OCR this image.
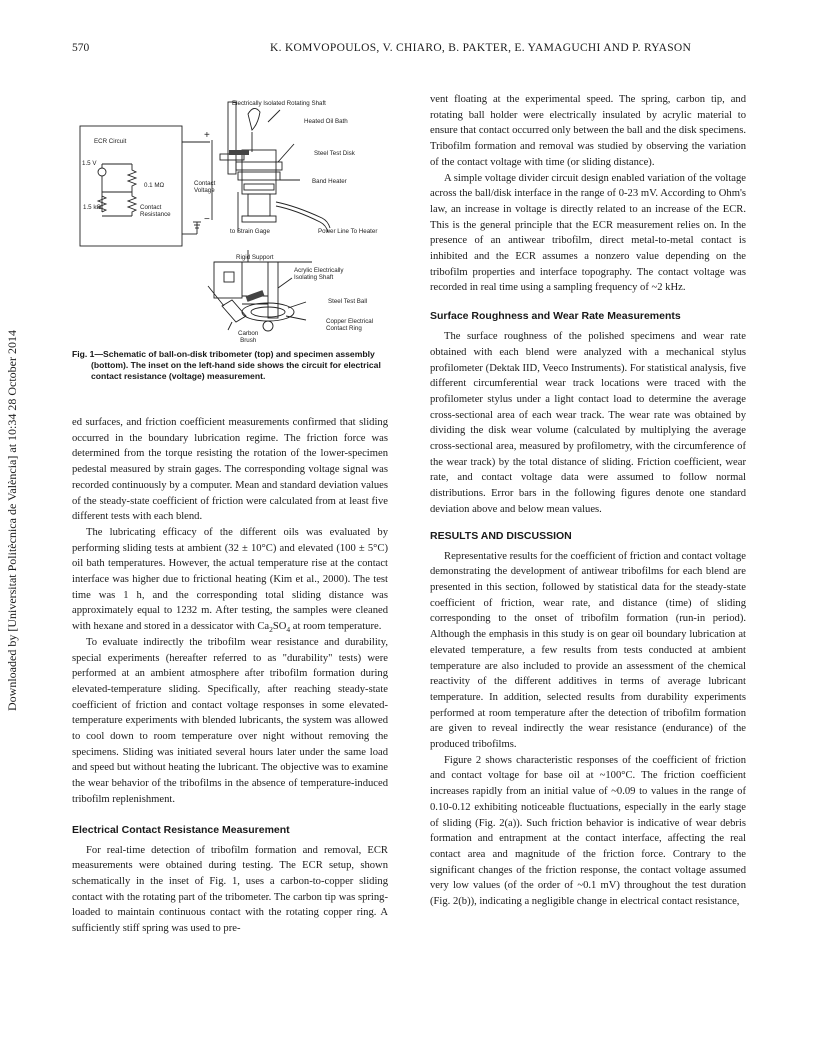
570	K. KOMVOPOULOS, V. CHIARO, B. PAKTER, E. YAMAGUCHI AND P. RYASON
Downloaded by [Universitat Politècnica de València] at 10:34 28 October 2014
Electrically Isolated Rotating Shaft
Heated Oil Bath
ECR Circuit
+
Steel Test Disk
1.5 V
Contact
Voltage
Band Heater
0.1 MΩ
1.5 kΩ	Contact
Resistance	−
to Strain Gage	Power Line To Heater
Rigid Support
Acrylic Electrically
Isolating Shaft
Steel Test Ball
Copper Electrical
Contact Ring
Carbon
Brush
Fig. 1—Schematic of ball-on-disk tribometer (top) and specimen assembly (bottom). The inset on the left-hand side shows the circuit for electrical contact resistance (voltage) measurement.

ed surfaces, and friction coefficient measurements confirmed that sliding occurred in the boundary lubrication regime. The friction force was determined from the torque resisting the rotation of the lower-specimen pedestal measured by strain gages. The corresponding voltage signal was recorded continuously by a computer. Mean and standard deviation values of the steady-state coefficient of friction were calculated from at least five different tests with each blend.

The lubricating efficacy of the different oils was evaluated by performing sliding tests at ambient (32 ± 10°C) and elevated (100 ± 5°C) oil bath temperatures. However, the actual temperature rise at the contact interface was higher due to frictional heating (Kim et al., 2000). The test time was 1 h, and the corresponding total sliding distance was approximately equal to 1232 m. After testing, the samples were cleaned with hexane and stored in a dessicator with $Ca_2SO_4$ at room temperature.

To evaluate indirectly the tribofilm wear resistance and durability, special experiments (hereafter referred to as "durability" tests) were performed at an ambient atmosphere after tribofilm formation during elevated-temperature sliding. Specifically, after reaching steady-state coefficient of friction and contact voltage responses in some elevated-temperature experiments with blended lubricants, the system was allowed to cool down to room temperature over night without removing the specimens. Sliding was initiated several hours later under the same load and speed but without heating the lubricant. The objective was to examine the wear behavior of the tribofilms in the absence of temperature-induced tribofilm replenishment.

Electrical Contact Resistance Measurement

For real-time detection of tribofilm formation and removal, ECR measurements were obtained during testing. The ECR setup, shown schematically in the inset of Fig. 1, uses a carbon-to-copper sliding contact with the rotating part of the tribometer. The carbon tip was spring-loaded to maintain continuous contact with the rotating copper ring. A sufficiently stiff spring was used to pre-

vent floating at the experimental speed. The spring, carbon tip, and rotating ball holder were electrically insulated by acrylic material to ensure that contact occurred only between the ball and the disk specimens. Tribofilm formation and removal was studied by observing the variation of the contact voltage with time (or sliding distance).

A simple voltage divider circuit design enabled variation of the voltage across the ball/disk interface in the range of 0-23 mV. According to Ohm's law, an increase in voltage is directly related to an increase of the ECR. This is the general principle that the ECR measurement relies on. In the presence of an antiwear tribofilm, direct metal-to-metal contact is inhibited and the ECR assumes a nonzero value depending on the tribofilm properties and interface topography. The contact voltage was recorded in real time using a sampling frequency of ~2 kHz.

Surface Roughness and Wear Rate Measurements

The surface roughness of the polished specimens and wear rate obtained with each blend were analyzed with a mechanical stylus profilometer (Dektak IID, Veeco Instruments). For statistical analysis, five different circumferential wear track locations were traced with the profilometer stylus under a light contact load to determine the average cross-sectional area of each wear track. The wear rate was obtained by dividing the disk wear volume (calculated by multiplying the average cross-sectional area, measured by profilometry, with the circumference of the wear track) by the total distance of sliding. Friction coefficient, wear rate, and contact voltage data were assumed to follow normal distributions. Error bars in the following figures denote one standard deviation above and below mean values.

RESULTS AND DISCUSSION

Representative results for the coefficient of friction and contact voltage demonstrating the development of antiwear tribofilms for each blend are presented in this section, followed by statistical data for the steady-state coefficient of friction, wear rate, and distance (time) of sliding corresponding to the onset of tribofilm formation (run-in period). Although the emphasis in this study is on gear oil boundary lubrication at elevated temperature, a few results from tests conducted at ambient temperature are also included to provide an assessment of the chemical reactivity of the different additives in terms of average lubricant temperature. In addition, selected results from durability experiments performed at room temperature after the detection of tribofilm formation are given to reveal indirectly the wear resistance (endurance) of the produced tribofilms.

Figure 2 shows characteristic responses of the coefficient of friction and contact voltage for base oil at ~100°C. The friction coefficient increases rapidly from an initial value of ~0.09 to values in the range of 0.10-0.12 exhibiting noticeable fluctuations, especially in the early stage of sliding (Fig. 2(a)). Such friction behavior is indicative of wear debris formation and entrapment at the contact interface, affecting the real contact area and magnitude of the friction force. Contrary to the significant changes of the friction response, the contact voltage assumed very low values (of the order of ~0.1 mV) throughout the test duration (Fig. 2(b)), indicating a negligible change in electrical contact resistance,
